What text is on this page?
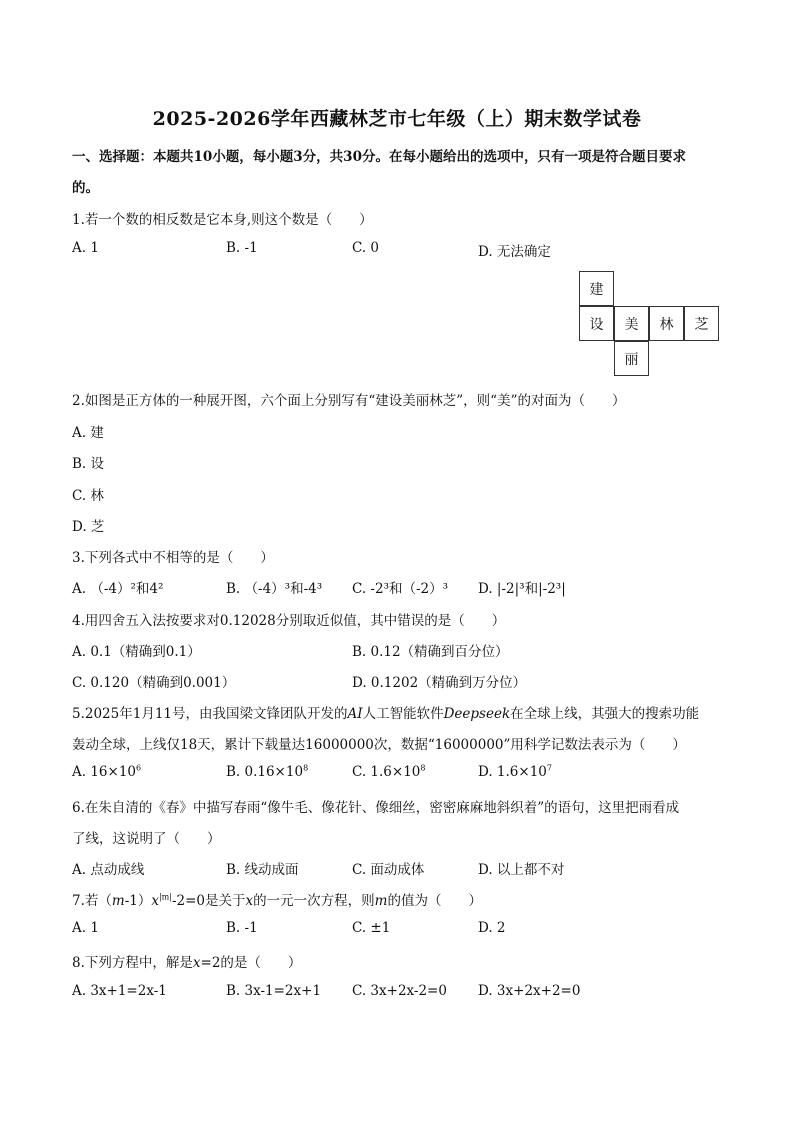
2025-2026学年西藏林芝市七年级（上）期末数学试卷
一、选择题：本题共10小题，每小题3分，共30分。在每小题给出的选项中，只有一项是符合题目要求
的。
1.若一个数的相反数是它本身,则这个数是（　　）
A. 1	B. -1	C. 0	D. 无法确定
建
设	美	林	芝
丽
2.如图是正方体的一种展开图，六个面上分别写有“建设美丽林芝”，则“美”的对面为（　　）
A. 建
B. 设
C. 林
D. 芝
3.下列各式中不相等的是（　　）
A. （-4）²和4²	B. （-4）³和-4³ C. -2³和（-2）³ D. |-2|³和|-2³|
4.用四舍五入法按要求对0.12028分别取近似值，其中错误的是（　　）
A. 0.1（精确到0.1）	B. 0.12（精确到百分位）
C. 0.120（精确到0.001）	D. 0.1202（精确到万分位）
5.2025年1月11号，由我国梁文锋团队开发的AI人工智能软件Deepseek在全球上线，其强大的搜索功能
轰动全球，上线仅18天，累计下载量达16000000次，数据“16000000”用科学记数法表示为（　　）
A. $16\times 10^6$	B. $0.16\times 10^8$	C. $1.6\times 10^8$	D. $1.6\times 10^7$
6.在朱自清的《春》中描写春雨“像牛毛、像花针、像细丝，密密麻麻地斜织着”的语句，这里把雨看成
了线，这说明了（　　）
A. 点动成线	B. 线动成面	C. 面动成体	D. 以上都不对
7.若$(m-1)x^{|m|}-2=0$是关于x的一元一次方程，则m的值为（　　）
A. 1	B. -1	C. ±1	D. 2
8.下列方程中，解是x=2的是（　　）
A. 3x+1=2x-1	B. 3x-1=2x+1 C. 3x+2x-2=0 D. 3x+2x+2=0
